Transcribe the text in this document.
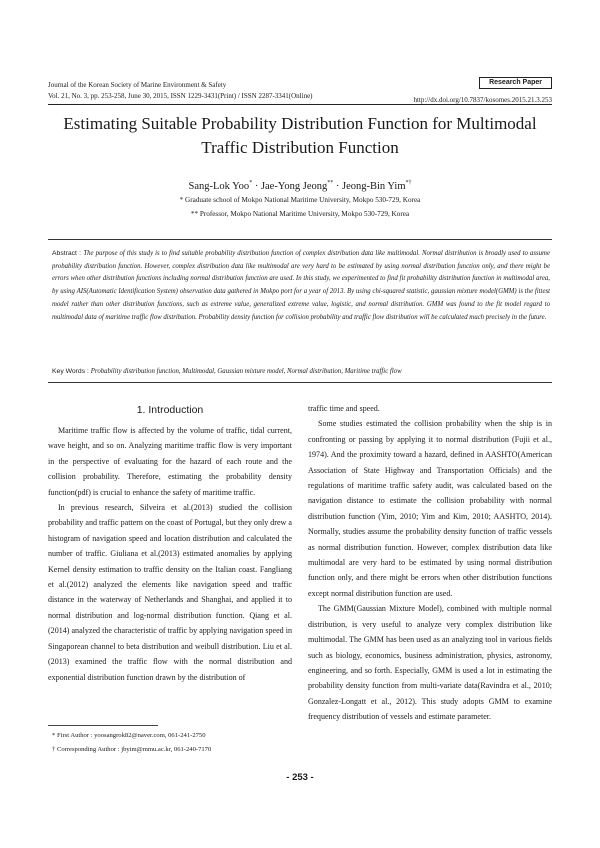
Journal of the Korean Society of Marine Environment & Safety
Vol. 21, No. 3, pp. 253-258, June 30, 2015, ISSN 1229-3431(Print) / ISSN 2287-3341(Online)
Research Paper
http://dx.doi.org/10.7837/kosomes.2015.21.3.253
Estimating Suitable Probability Distribution Function for Multimodal Traffic Distribution Function
Sang-Lok Yoo* · Jae-Yong Jeong** · Jeong-Bin Yim*†
* Graduate school of Mokpo National Maritime University, Mokpo 530-729, Korea
** Professor, Mokpo National Maritime University, Mokpo 530-729, Korea
Abstract : The purpose of this study is to find suitable probability distribution function of complex distribution data like multimodal. Normal distribution is broadly used to assume probability distribution function. However, complex distribution data like multimodal are very hard to be estimated by using normal distribution function only, and there might be errors when other distribution functions including normal distribution function are used. In this study, we experimented to find fit probability distribution function in multimodal area, by using AIS(Automatic Identification System) observation data gathered in Mokpo port for a year of 2013. By using chi-squared statistic, gaussian mixture model(GMM) is the fittest model rather than other distribution functions, such as extreme value, generalized extreme value, logistic, and normal distribution. GMM was found to the fit model regard to multimodal data of maritime traffic flow distribution. Probability density function for collision probability and traffic flow distribution will be calculated much precisely in the future.
Key Words : Probability distribution function, Multimodal, Gaussian mixture model, Normal distribution, Maritime traffic flow
1. Introduction

Maritime traffic flow is affected by the volume of traffic, tidal current, wave height, and so on. Analyzing maritime traffic flow is very important in the perspective of evaluating for the hazard of each route and the collision probability. Therefore, estimating the probability density function(pdf) is crucial to enhance the safety of maritime traffic.

In previous research, Silveira et al.(2013) studied the collision probability and traffic pattern on the coast of Portugal, but they only drew a histogram of navigation speed and location distribution and calculated the number of traffic. Giuliana et al.(2013) estimated anomalies by applying Kernel density estimation to traffic density on the Italian coast. Fangliang et al.(2012) analyzed the elements like navigation speed and traffic distance in the waterway of Netherlands and Shanghai, and applied it to normal distribution and log-normal distribution function. Qiang et al.(2014) analyzed the characteristic of traffic by applying navigation speed in Singaporean channel to beta distribution and weibull distribution. Liu et al.(2013) examined the traffic flow with the normal distribution and exponential distribution function drawn by the distribution of

traffic time and speed.

Some studies estimated the collision probability when the ship is in confronting or passing by applying it to normal distribution (Fujii et al., 1974). And the proximity toward a hazard, defined in AASHTO(American Association of State Highway and Transportation Officials) and the regulations of maritime traffic safety audit, was calculated based on the navigation distance to estimate the collision probability with normal distribution function (Yim, 2010; Yim and Kim, 2010; AASHTO, 2014). Normally, studies assume the probability density function of traffic vessels as normal distribution function. However, complex distribution data like multimodal are very hard to be estimated by using normal distribution function only, and there might be errors when other distribution functions except normal distribution function are used.

The GMM(Gaussian Mixture Model), combined with multiple normal distribution, is very useful to analyze very complex distribution like multimodal. The GMM has been used as an analyzing tool in various fields such as biology, economics, business administration, physics, astronomy, engineering, and so forth. Especially, GMM is used a lot in estimating the probability density function from multi-variate data(Ravindra et al., 2010; Gonzalez-Longatt et al., 2012). This study adopts GMM to examine frequency distribution of vessels and estimate parameter.

* First Author : yoosangrok82@naver.com, 061-241-2750
† Corresponding Author : jbyim@mmu.ac.kr, 061-240-7170
- 253 -
